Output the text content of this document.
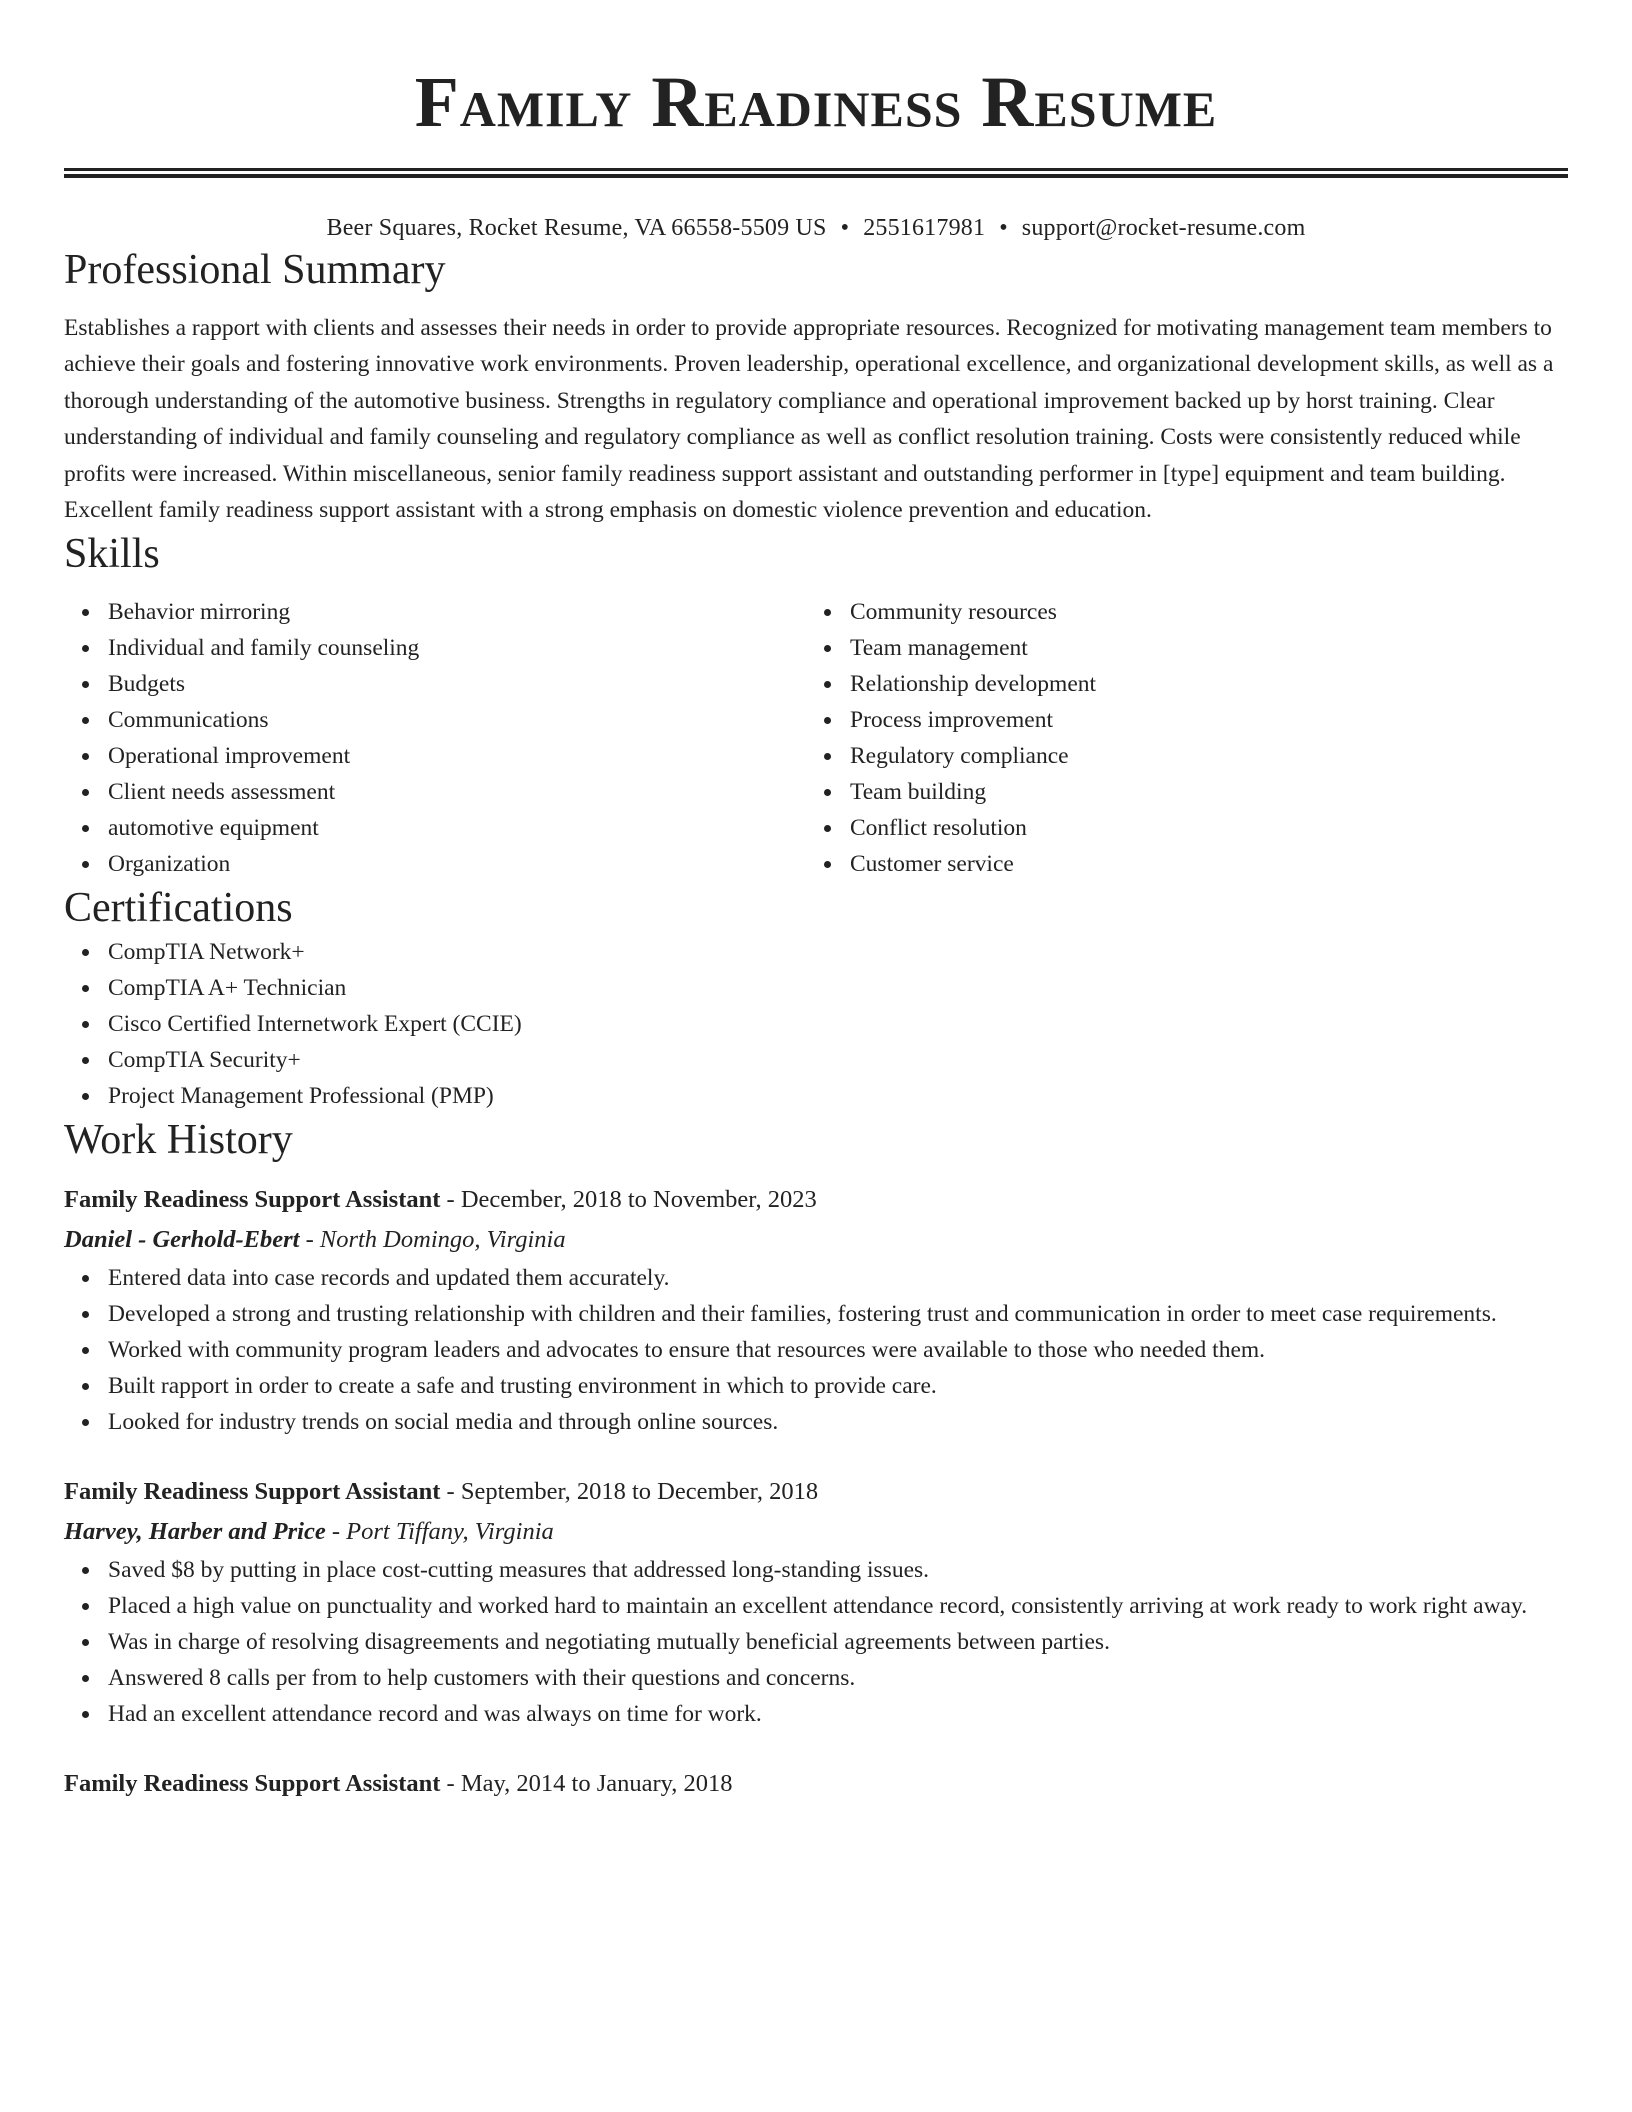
Family Readiness Resume
Beer Squares, Rocket Resume, VA 66558-5509 US • 2551617981 • support@rocket-resume.com
Professional Summary
Establishes a rapport with clients and assesses their needs in order to provide appropriate resources. Recognized for motivating management team members to achieve their goals and fostering innovative work environments. Proven leadership, operational excellence, and organizational development skills, as well as a thorough understanding of the automotive business. Strengths in regulatory compliance and operational improvement backed up by horst training. Clear understanding of individual and family counseling and regulatory compliance as well as conflict resolution training. Costs were consistently reduced while profits were increased. Within miscellaneous, senior family readiness support assistant and outstanding performer in [type] equipment and team building. Excellent family readiness support assistant with a strong emphasis on domestic violence prevention and education.
Skills
Behavior mirroring
Individual and family counseling
Budgets
Communications
Operational improvement
Client needs assessment
automotive equipment
Organization
Community resources
Team management
Relationship development
Process improvement
Regulatory compliance
Team building
Conflict resolution
Customer service
Certifications
CompTIA Network+
CompTIA A+ Technician
Cisco Certified Internetwork Expert (CCIE)
CompTIA Security+
Project Management Professional (PMP)
Work History
Family Readiness Support Assistant - December, 2018 to November, 2023
Daniel - Gerhold-Ebert - North Domingo, Virginia
Entered data into case records and updated them accurately.
Developed a strong and trusting relationship with children and their families, fostering trust and communication in order to meet case requirements.
Worked with community program leaders and advocates to ensure that resources were available to those who needed them.
Built rapport in order to create a safe and trusting environment in which to provide care.
Looked for industry trends on social media and through online sources.
Family Readiness Support Assistant - September, 2018 to December, 2018
Harvey, Harber and Price - Port Tiffany, Virginia
Saved $8 by putting in place cost-cutting measures that addressed long-standing issues.
Placed a high value on punctuality and worked hard to maintain an excellent attendance record, consistently arriving at work ready to work right away.
Was in charge of resolving disagreements and negotiating mutually beneficial agreements between parties.
Answered 8 calls per from to help customers with their questions and concerns.
Had an excellent attendance record and was always on time for work.
Family Readiness Support Assistant - May, 2014 to January, 2018
